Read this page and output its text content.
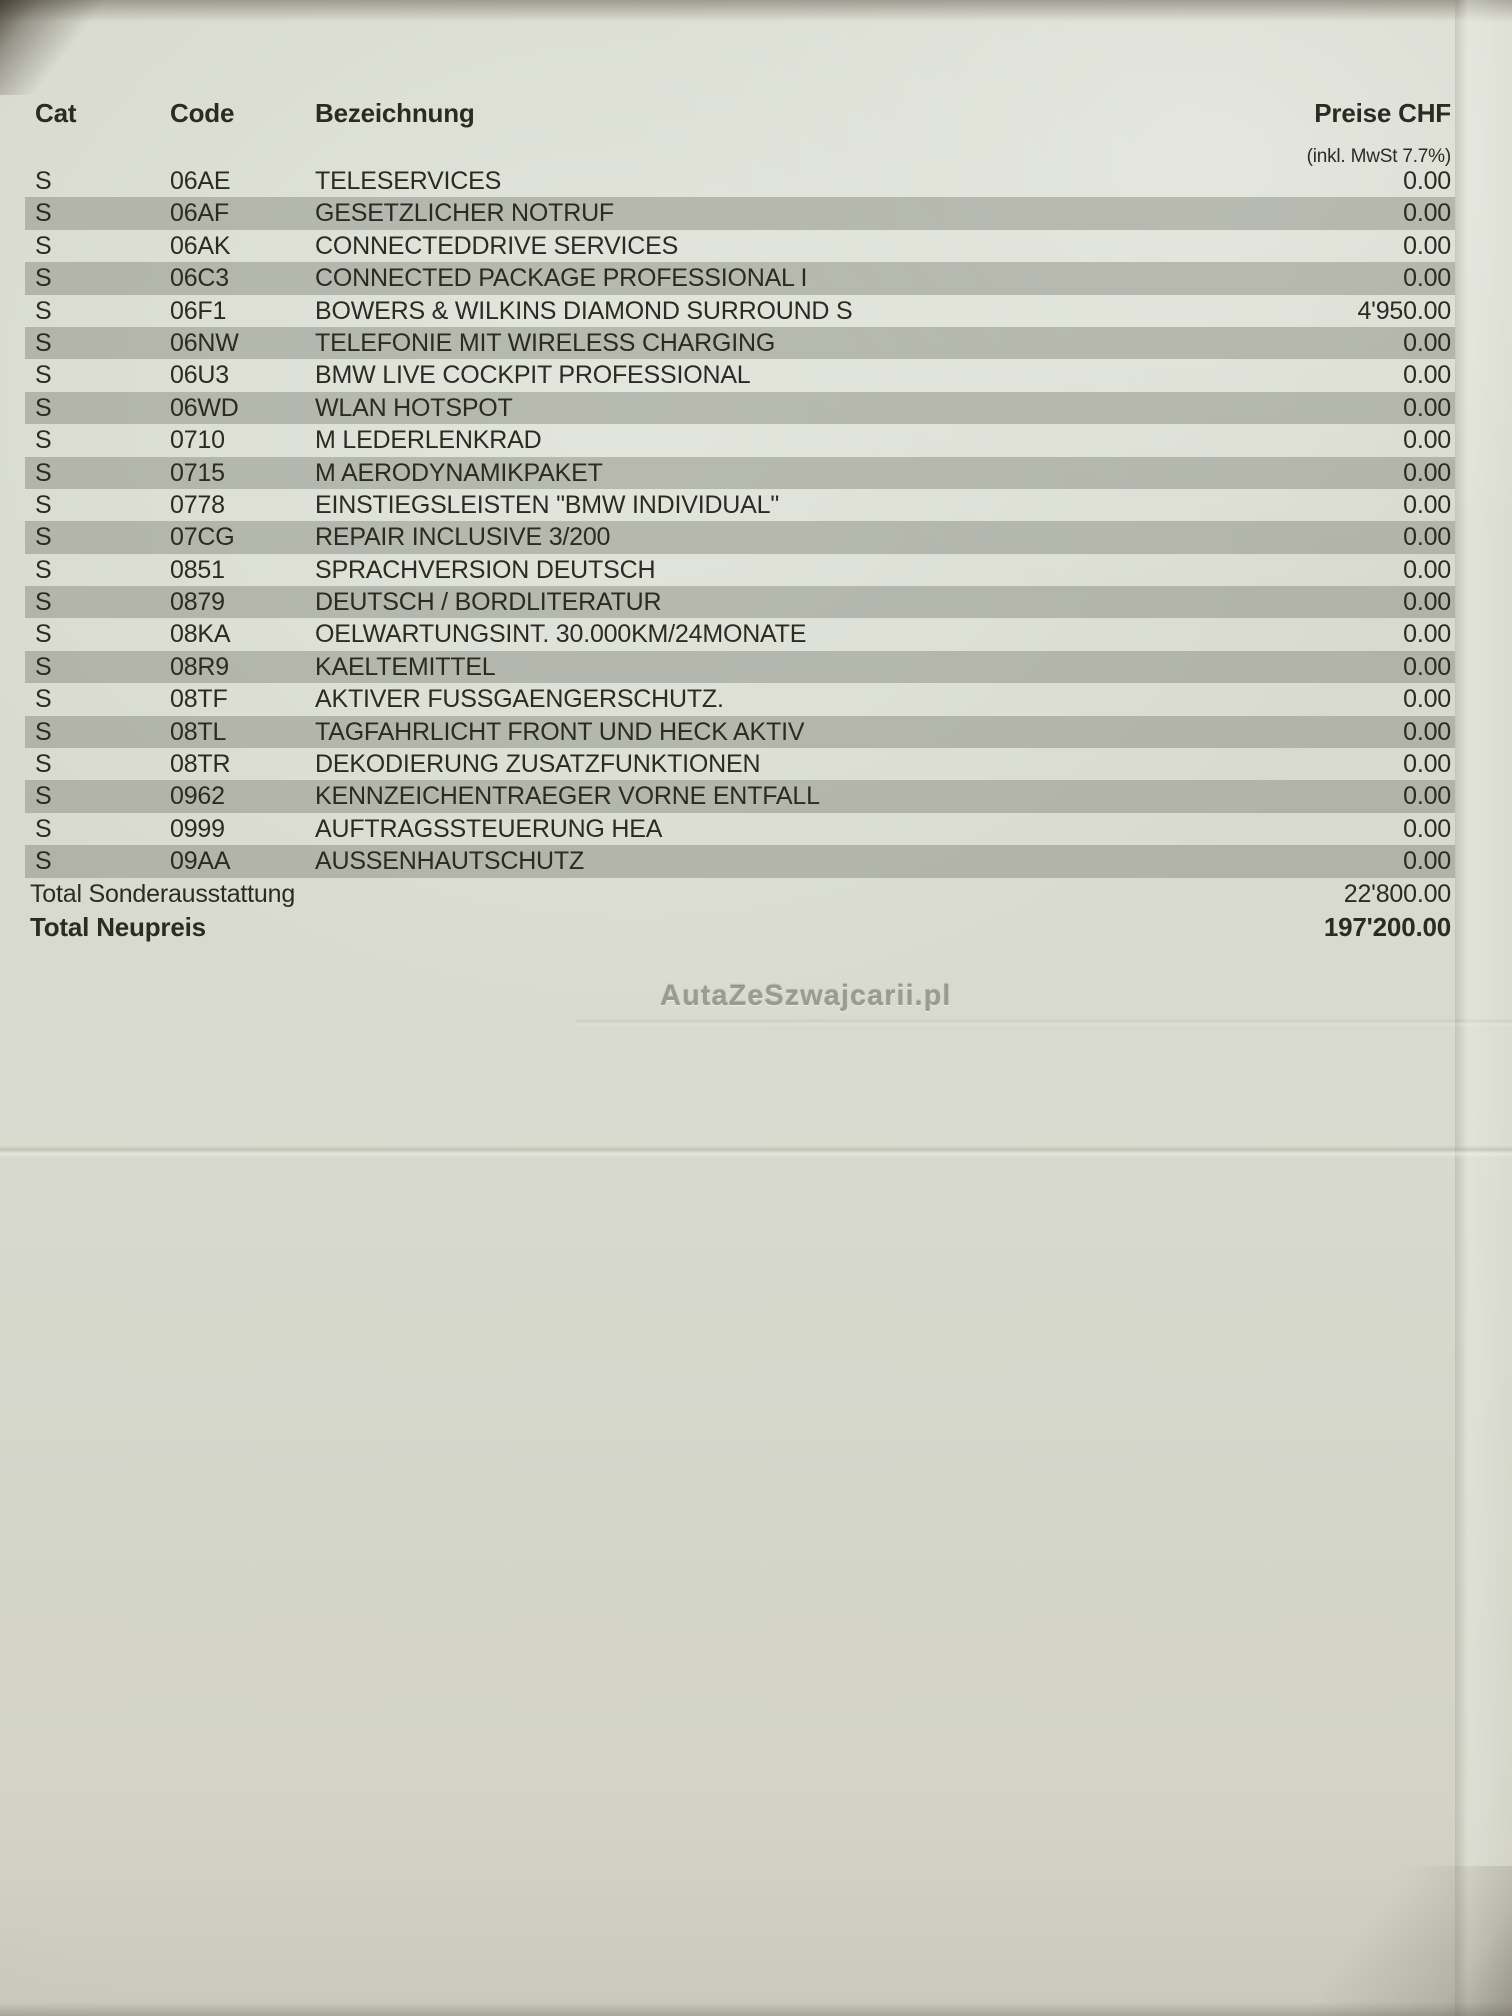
Cat	Code	Bezeichnung	Preise CHF
(inkl. MwSt 7.7%)
S	06AE	TELESERVICES	0.00
S	06AF	GESETZLICHER NOTRUF	0.00
S	06AK	CONNECTEDDRIVE SERVICES	0.00
S	06C3	CONNECTED PACKAGE PROFESSIONAL I	0.00
S	06F1	BOWERS & WILKINS DIAMOND SURROUND S	4'950.00
S	06NW	TELEFONIE MIT WIRELESS CHARGING	0.00
S	06U3	BMW LIVE COCKPIT PROFESSIONAL	0.00
S	06WD	WLAN HOTSPOT	0.00
S	0710	M LEDERLENKRAD	0.00
S	0715	M AERODYNAMIKPAKET	0.00
S	0778	EINSTIEGSLEISTEN "BMW INDIVIDUAL"	0.00
S	07CG	REPAIR INCLUSIVE 3/200	0.00
S	0851	SPRACHVERSION DEUTSCH	0.00
S	0879	DEUTSCH / BORDLITERATUR	0.00
S	08KA	OELWARTUNGSINT. 30.000KM/24MONATE	0.00
S	08R9	KAELTEMITTEL	0.00
S	08TF	AKTIVER FUSSGAENGERSCHUTZ.	0.00
S	08TL	TAGFAHRLICHT FRONT UND HECK AKTIV	0.00
S	08TR	DEKODIERUNG ZUSATZFUNKTIONEN	0.00
S	0962	KENNZEICHENTRAEGER VORNE ENTFALL	0.00
S	0999	AUFTRAGSSTEUERUNG HEA	0.00
S	09AA	AUSSENHAUTSCHUTZ	0.00
Total Sonderausstattung	22'800.00
Total Neupreis	197'200.00
AutaZeSzwajcarii.pl
